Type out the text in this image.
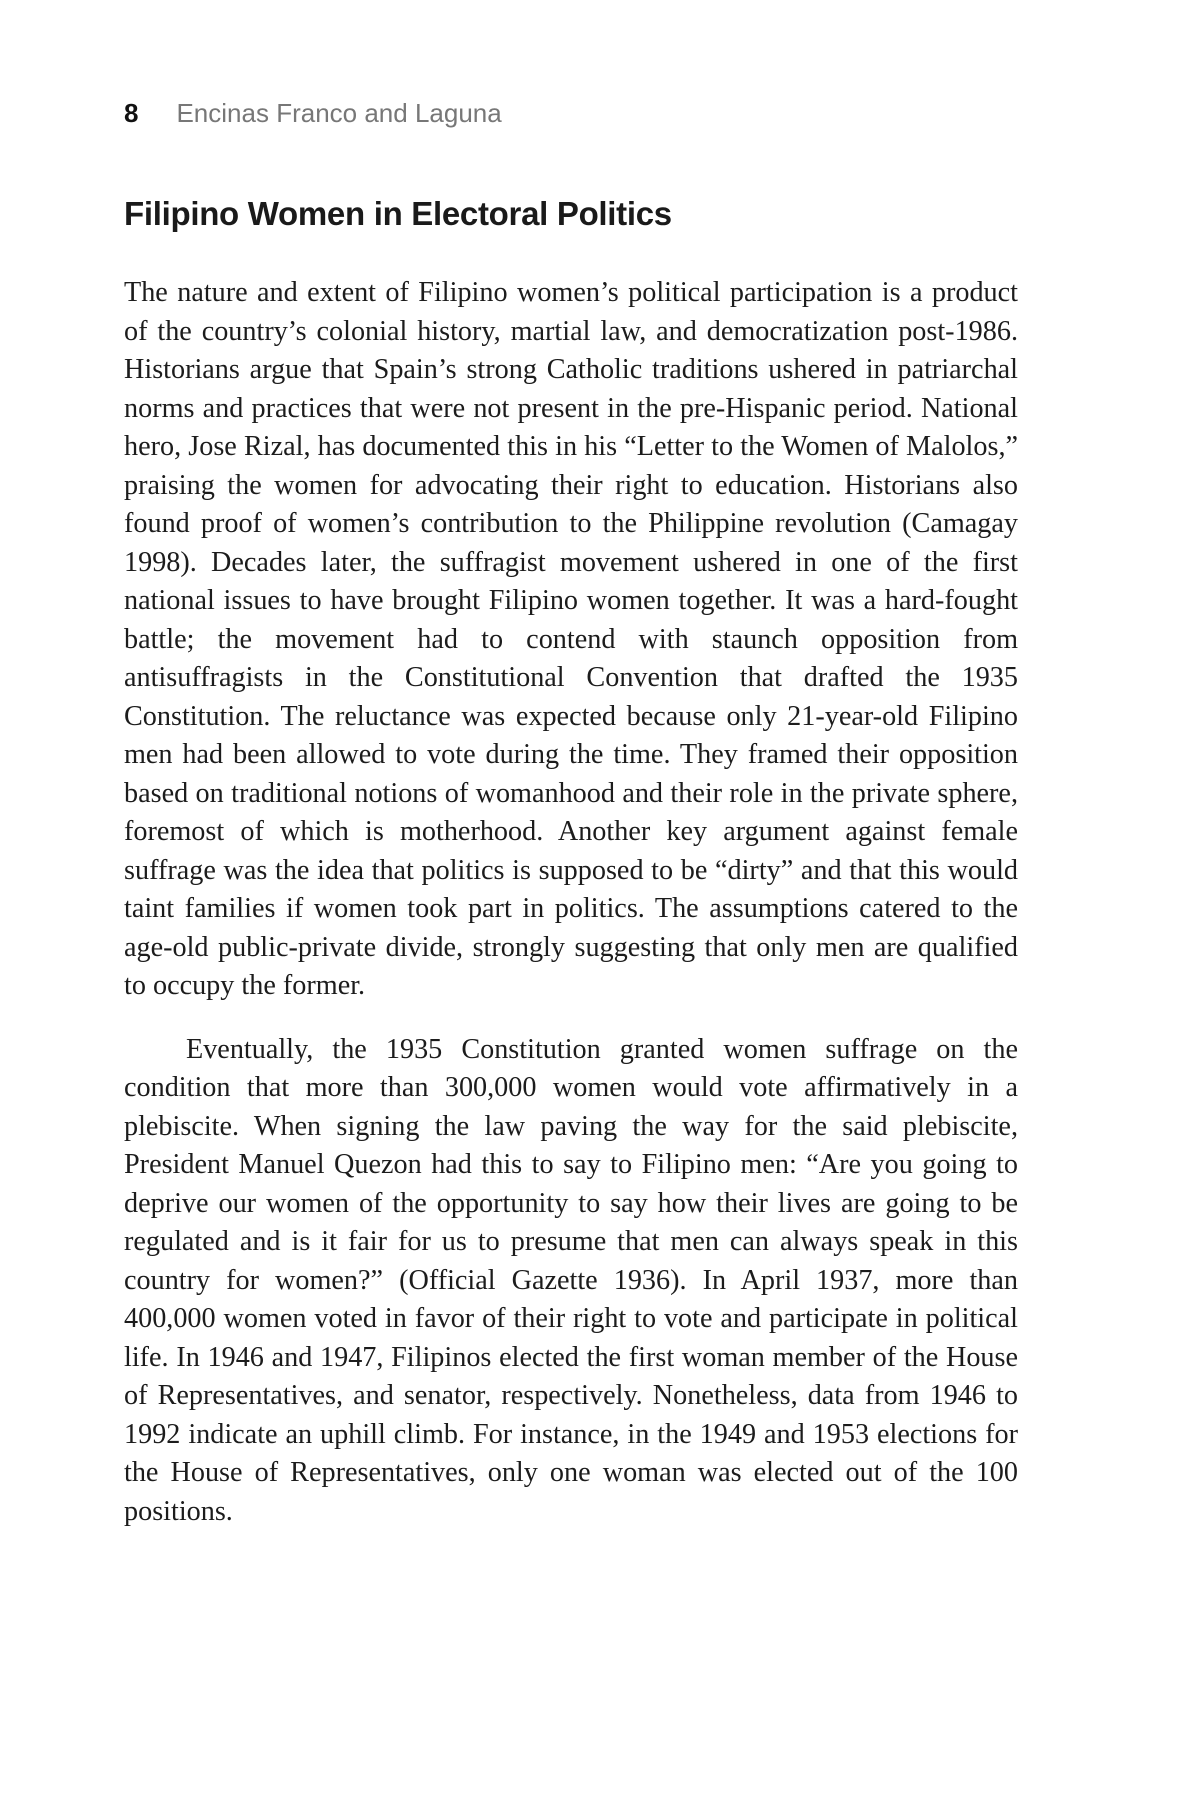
8 Encinas Franco and Laguna
Filipino Women in Electoral Politics

The nature and extent of Filipino women’s political participation is a product of the country’s colonial history, martial law, and democratization post-1986. Historians argue that Spain’s strong Catholic traditions ushered in patriarchal norms and practices that were not present in the pre-Hispanic period. National hero, Jose Rizal, has documented this in his “Letter to the Women of Malolos,” praising the women for advocating their right to education. Historians also found proof of women’s contribution to the Philippine revolution (Camagay 1998). Decades later, the suffragist movement ushered in one of the first national issues to have brought Filipino women together. It was a hard-fought battle; the movement had to contend with staunch opposition from antisuffragists in the Constitutional Convention that drafted the 1935 Constitution. The reluctance was expected because only 21-year-old Filipino men had been allowed to vote during the time. They framed their opposition based on traditional notions of womanhood and their role in the private sphere, foremost of which is motherhood. Another key argument against female suffrage was the idea that politics is supposed to be “dirty” and that this would taint families if women took part in politics. The assumptions catered to the age-old public-private divide, strongly suggesting that only men are qualified to occupy the former.

Eventually, the 1935 Constitution granted women suffrage on the condition that more than 300,000 women would vote affirmatively in a plebiscite. When signing the law paving the way for the said plebiscite, President Manuel Quezon had this to say to Filipino men: “Are you going to deprive our women of the opportunity to say how their lives are going to be regulated and is it fair for us to presume that men can always speak in this country for women?” (Official Gazette 1936). In April 1937, more than 400,000 women voted in favor of their right to vote and participate in political life. In 1946 and 1947, Filipinos elected the first woman member of the House of Representatives, and senator, respectively. Nonetheless, data from 1946 to 1992 indicate an uphill climb. For instance, in the 1949 and 1953 elections for the House of Representatives, only one woman was elected out of the 100 positions.
